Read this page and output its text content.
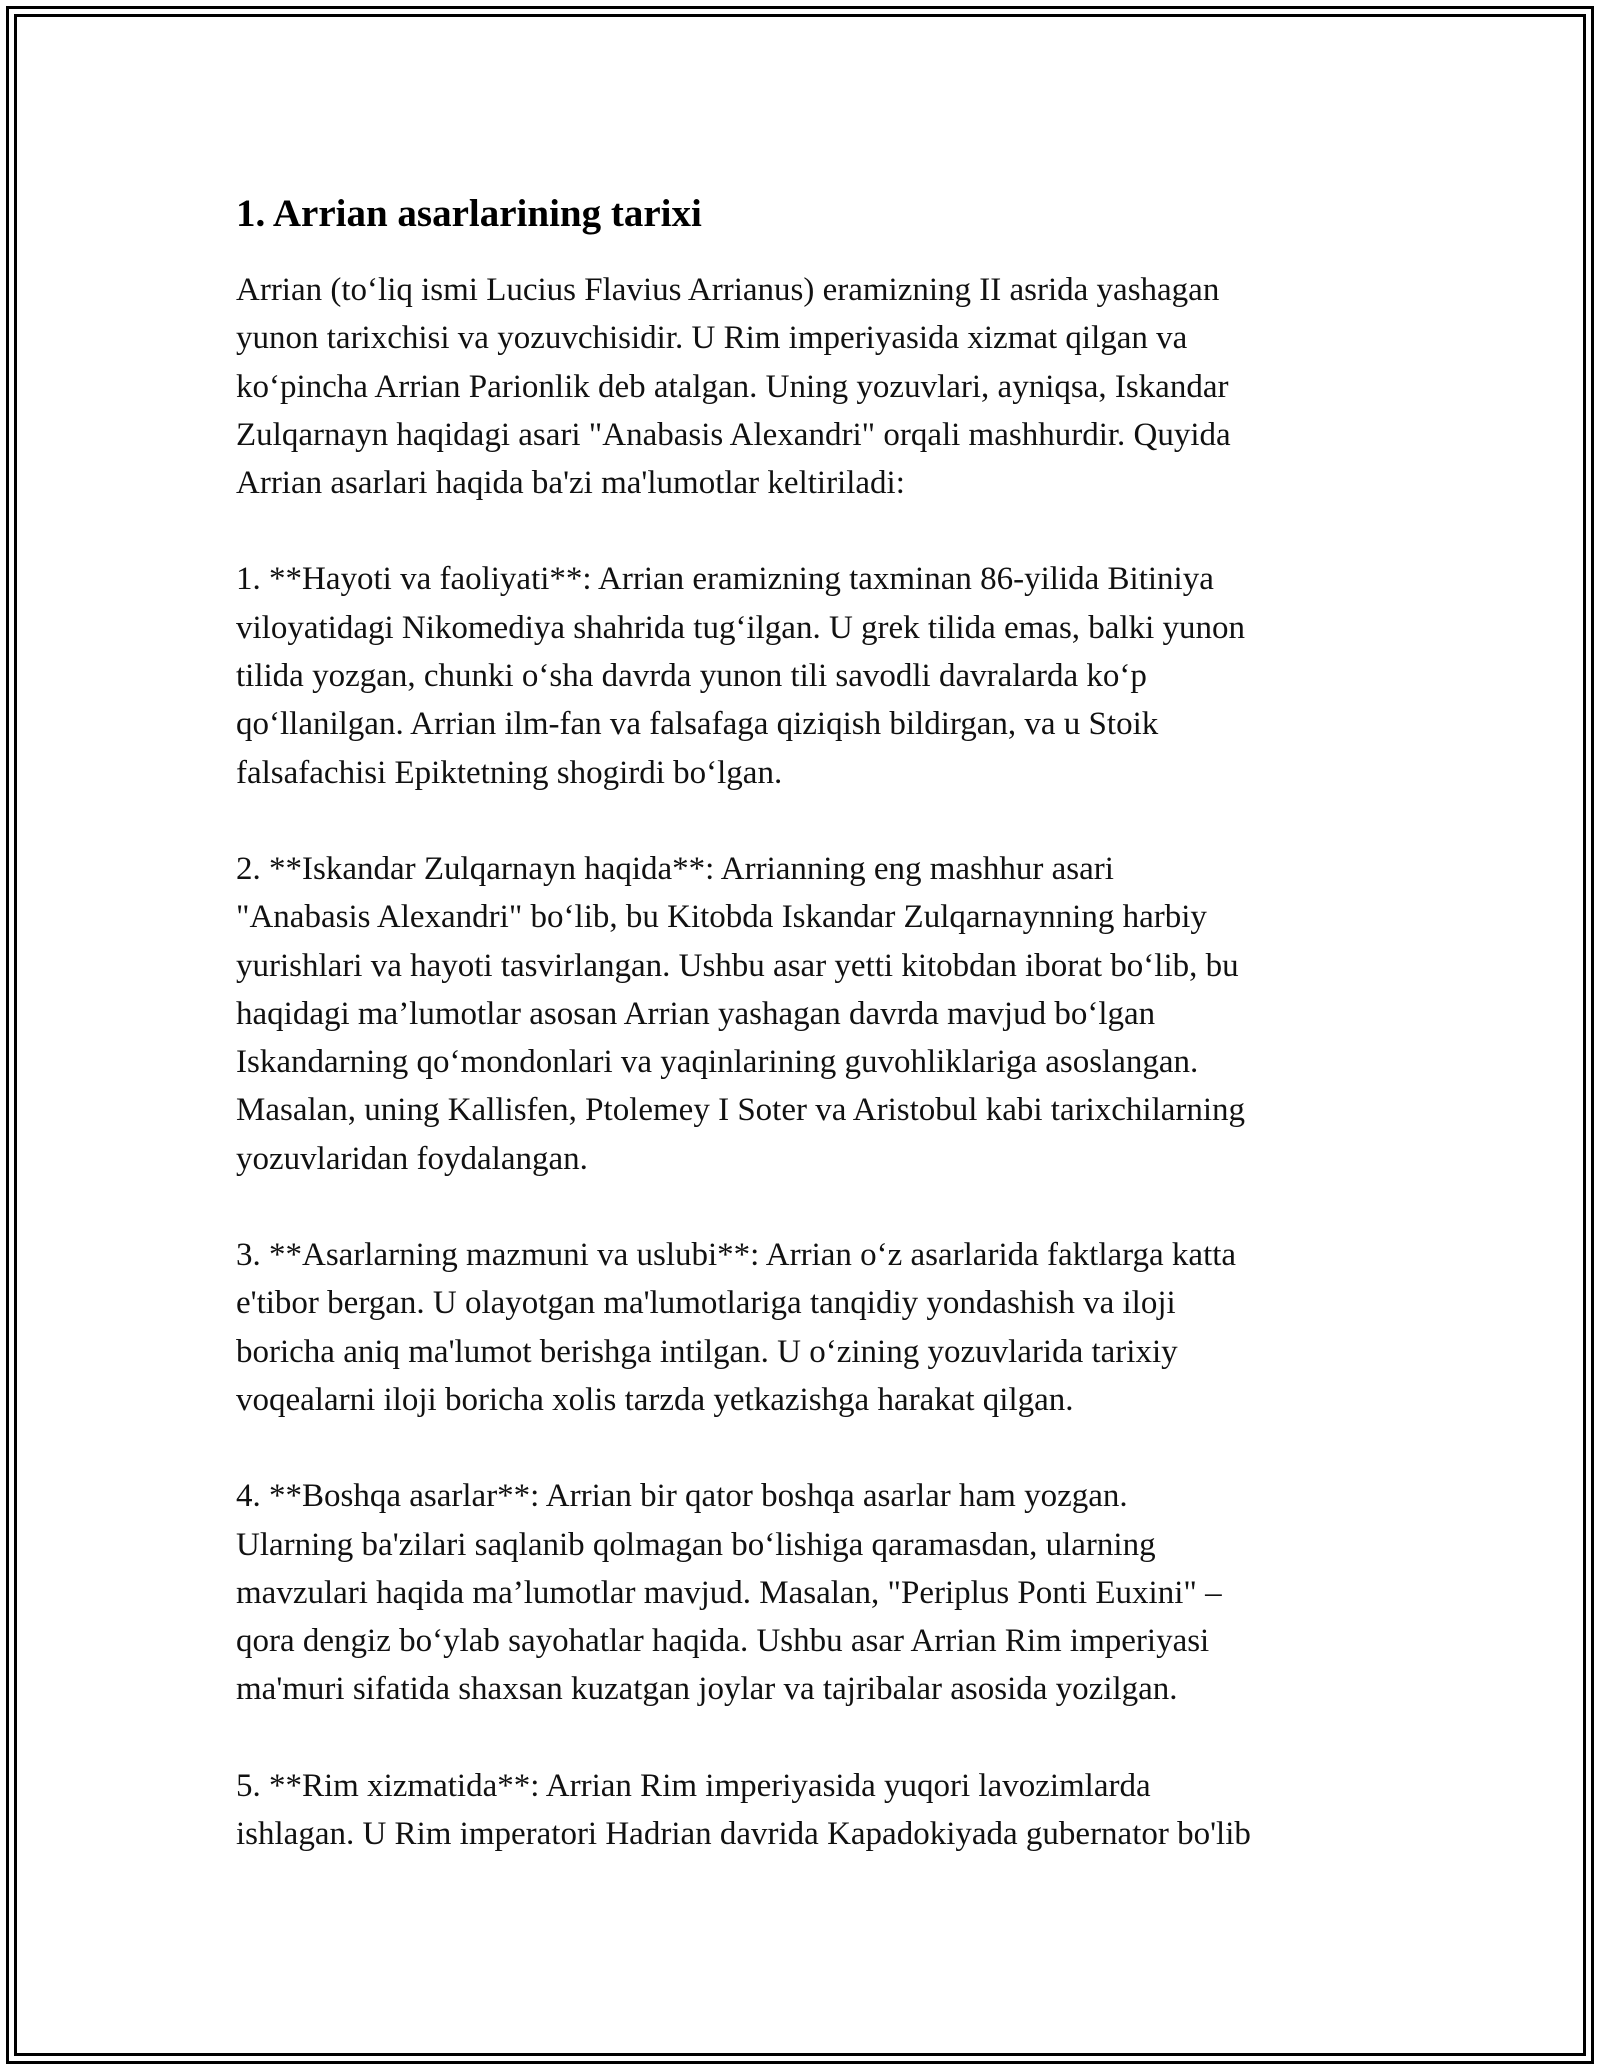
1. Arrian asarlarining tarixi

Arrian (to‘liq ismi Lucius Flavius Arrianus) eramizning II asrida yashagan
yunon tarixchisi va yozuvchisidir. U Rim imperiyasida xizmat qilgan va
ko‘pincha Arrian Parionlik deb atalgan. Uning yozuvlari, ayniqsa, Iskandar
Zulqarnayn haqidagi asari "Anabasis Alexandri" orqali mashhurdir. Quyida
Arrian asarlari haqida ba'zi ma'lumotlar keltiriladi:

1. **Hayoti va faoliyati**: Arrian eramizning taxminan 86-yilida Bitiniya
viloyatidagi Nikomediya shahrida tug‘ilgan. U grek tilida emas, balki yunon
tilida yozgan, chunki o‘sha davrda yunon tili savodli davralarda ko‘p
qo‘llanilgan. Arrian ilm-fan va falsafaga qiziqish bildirgan, va u Stoik
falsafachisi Epiktetning shogirdi bo‘lgan.

2. **Iskandar Zulqarnayn haqida**: Arrianning eng mashhur asari
"Anabasis Alexandri" bo‘lib, bu Kitobda Iskandar Zulqarnaynning harbiy
yurishlari va hayoti tasvirlangan. Ushbu asar yetti kitobdan iborat bo‘lib, bu
haqidagi ma’lumotlar asosan Arrian yashagan davrda mavjud bo‘lgan
Iskandarning qo‘mondonlari va yaqinlarining guvohliklariga asoslangan.
Masalan, uning Kallisfen, Ptolemey I Soter va Aristobul kabi tarixchilarning
yozuvlaridan foydalangan.

3. **Asarlarning mazmuni va uslubi**: Arrian o‘z asarlarida faktlarga katta
e'tibor bergan. U olayotgan ma'lumotlariga tanqidiy yondashish va iloji
boricha aniq ma'lumot berishga intilgan. U o‘zining yozuvlarida tarixiy
voqealarni iloji boricha xolis tarzda yetkazishga harakat qilgan.

4. **Boshqa asarlar**: Arrian bir qator boshqa asarlar ham yozgan.
Ularning ba'zilari saqlanib qolmagan bo‘lishiga qaramasdan, ularning
mavzulari haqida ma’lumotlar mavjud. Masalan, "Periplus Ponti Euxini" –
qora dengiz bo‘ylab sayohatlar haqida. Ushbu asar Arrian Rim imperiyasi
ma'muri sifatida shaxsan kuzatgan joylar va tajribalar asosida yozilgan.

5. **Rim xizmatida**: Arrian Rim imperiyasida yuqori lavozimlarda
ishlagan. U Rim imperatori Hadrian davrida Kapadokiyada gubernator bo'lib
